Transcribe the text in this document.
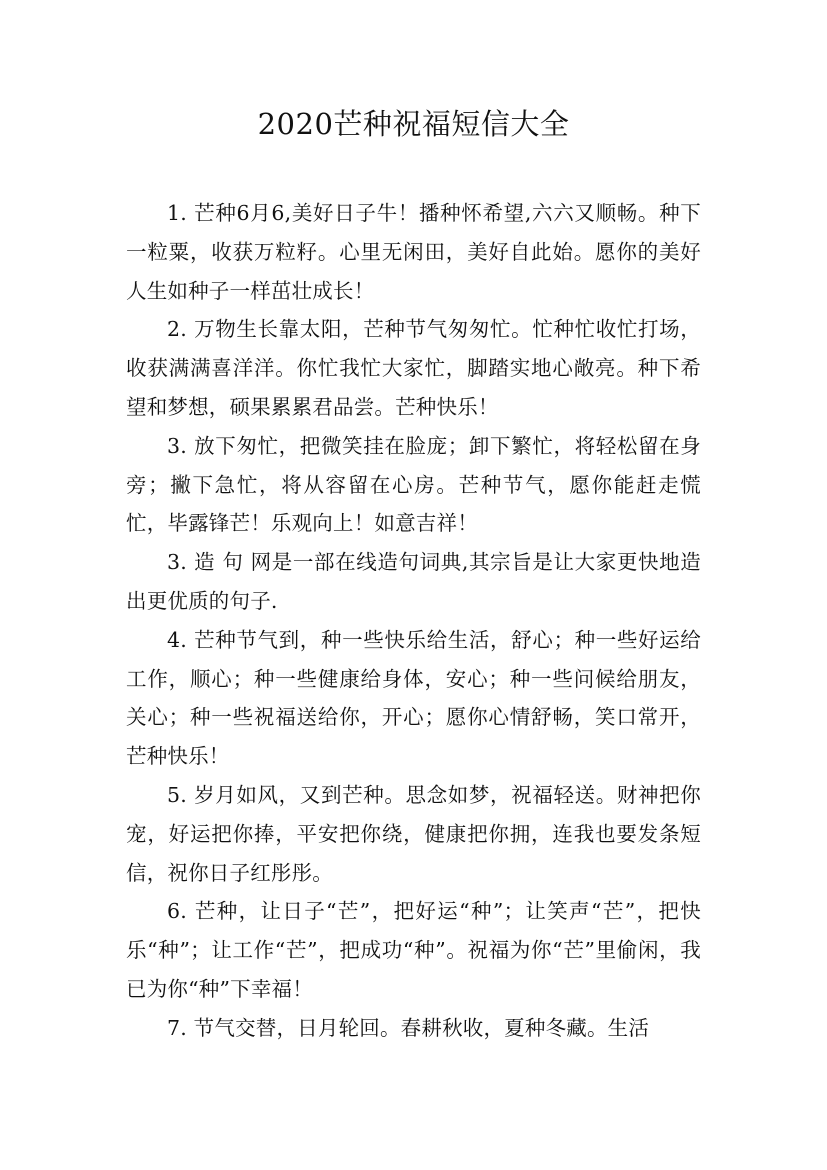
2020芒种祝福短信大全

1. 芒种6月6,美好日子牛！播种怀希望,六六又顺畅。种下一粒粟，收获万粒籽。心里无闲田，美好自此始。愿你的美好人生如种子一样茁壮成长！

2. 万物生长靠太阳，芒种节气匆匆忙。忙种忙收忙打场，收获满满喜洋洋。你忙我忙大家忙，脚踏实地心敞亮。种下希望和梦想，硕果累累君品尝。芒种快乐！

3. 放下匆忙，把微笑挂在脸庞；卸下繁忙，将轻松留在身旁；撇下急忙，将从容留在心房。芒种节气，愿你能赶走慌忙，毕露锋芒！乐观向上！如意吉祥！

3. 造 句 网是一部在线造句词典,其宗旨是让大家更快地造出更优质的句子.

4. 芒种节气到，种一些快乐给生活，舒心；种一些好运给工作，顺心；种一些健康给身体，安心；种一些问候给朋友，关心；种一些祝福送给你，开心；愿你心情舒畅，笑口常开，芒种快乐！

5. 岁月如风，又到芒种。思念如梦，祝福轻送。财神把你宠，好运把你捧，平安把你绕，健康把你拥，连我也要发条短信，祝你日子红彤彤。

6. 芒种，让日子“芒”，把好运“种”；让笑声“芒”，把快乐“种”；让工作“芒”，把成功“种”。祝福为你“芒”里偷闲，我已为你“种”下幸福！

7. 节气交替，日月轮回。春耕秋收，夏种冬藏。生活
